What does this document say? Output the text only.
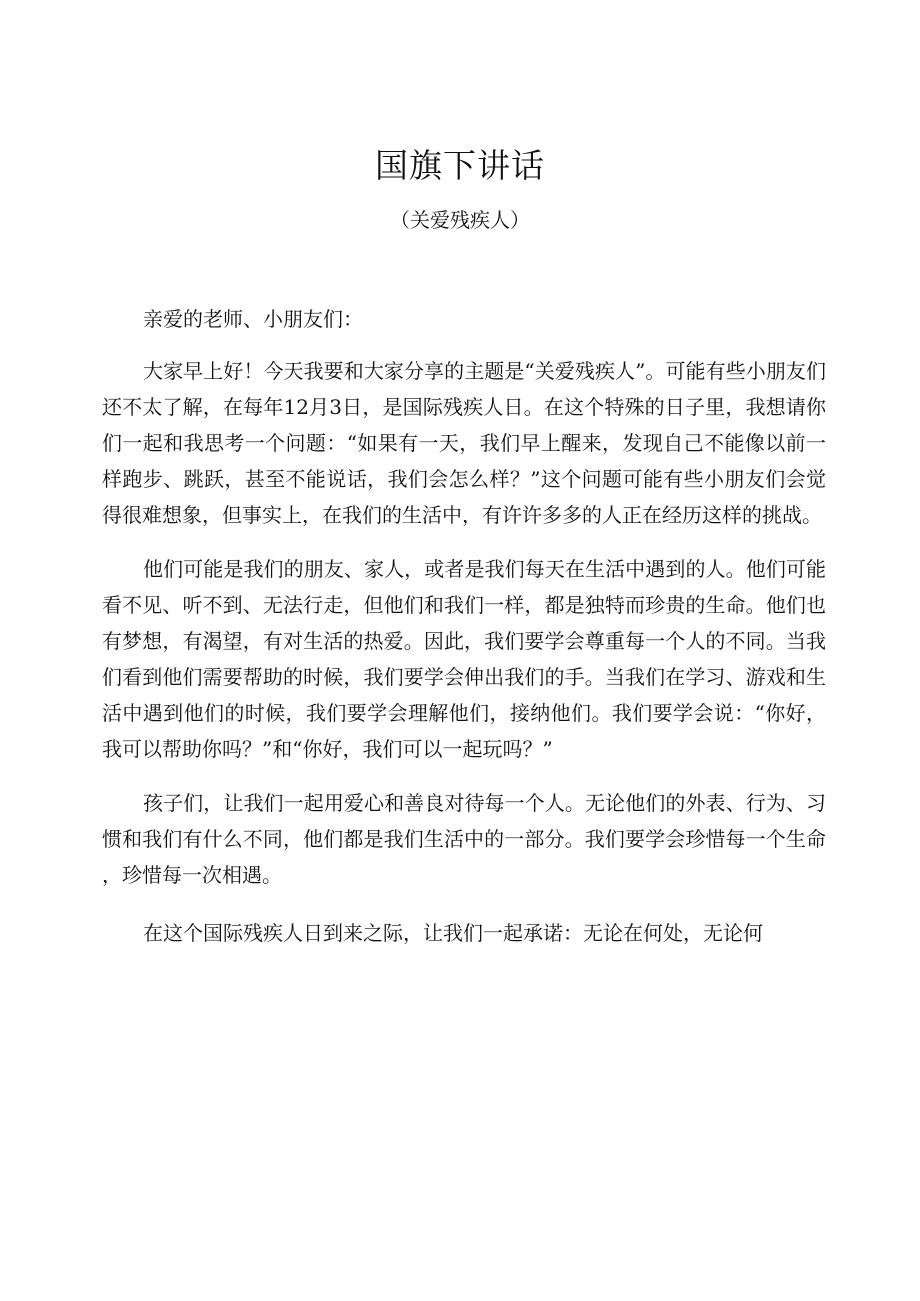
国旗下讲话
（关爱残疾人）

亲爱的老师、小朋友们：

大家早上好！今天我要和大家分享的主题是“关爱残疾人”。可能有些小朋友们还不太了解，在每年12月3日，是国际残疾人日。在这个特殊的日子里，我想请你们一起和我思考一个问题：“如果有一天，我们早上醒来，发现自己不能像以前一样跑步、跳跃，甚至不能说话，我们会怎么样？”这个问题可能有些小朋友们会觉得很难想象，但事实上，在我们的生活中，有许许多多的人正在经历这样的挑战。

他们可能是我们的朋友、家人，或者是我们每天在生活中遇到的人。他们可能看不见、听不到、无法行走，但他们和我们一样，都是独特而珍贵的生命。他们也有梦想，有渴望，有对生活的热爱。因此，我们要学会尊重每一个人的不同。当我们看到他们需要帮助的时候，我们要学会伸出我们的手。当我们在学习、游戏和生活中遇到他们的时候，我们要学会理解他们，接纳他们。我们要学会说：“你好，我可以帮助你吗？”和“你好，我们可以一起玩吗？”

孩子们，让我们一起用爱心和善良对待每一个人。无论他们的外表、行为、习惯和我们有什么不同，他们都是我们生活中的一部分。我们要学会珍惜每一个生命，珍惜每一次相遇。

在这个国际残疾人日到来之际，让我们一起承诺：无论在何处，无论何
